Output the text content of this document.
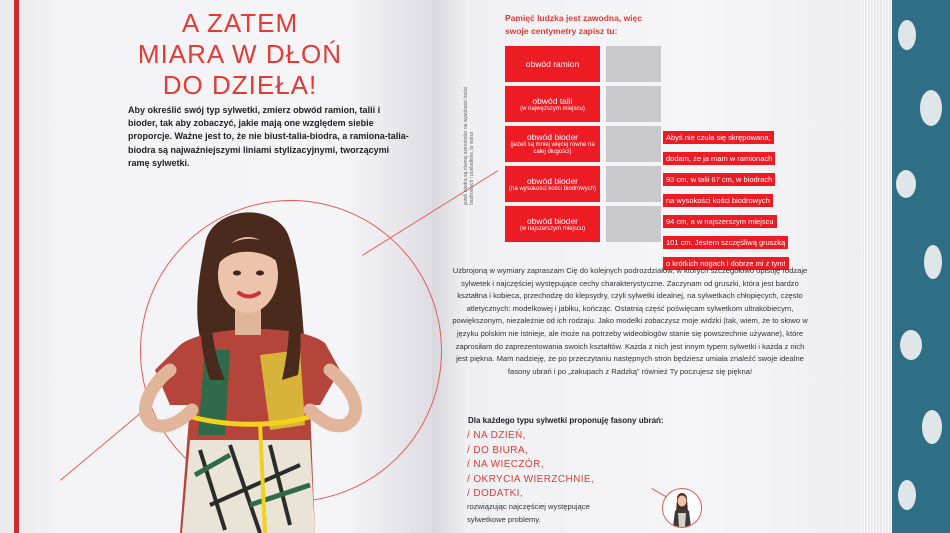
A ZATEM
MIARA W DŁOŃ
DO DZIEŁA!
Aby określić swój typ sylwetki, zmierz obwód ramion, talii i bioder, tak aby zobaczyć, jakie mają one względem siebie proporcje. Ważne jest to, że nie biust-talia-biodra, a ramiona-talia-biodra są najważniejszymi liniami stylizacyjnymi, tworzącymi ramę sylwetki.
Pamięć ludzka jest zawodna, więc swoje centymetry zapisz tu:
obwód ramion
obwód talii
(w najwęższym miejscu)
obwód bioder
(jeżeli są mniej więcej równe na całej długości)
obwód bioder
(na wysokości kości biodrowych)
obwód bioder
(w najszerszym miejscu)
jeżeli biodra są równej szerokości na wysokości kości biodrowych i pośladków, to wpisz	Abyś nie czuła się skrępowana,
dodam, że ja mam w ramionach
93 cm, w talii 67 cm, w biodrach
na wysokości kości biodrowych
94 cm, a w najszerszym miejscu
101 cm. Jestem szczęśliwą gruszką
o krótkich nogach i dobrze mi z tym!
Uzbrojoną w wymiary zapraszam Cię do kolejnych podrozdziałów, w których szczegółowo opisuję rodzaje sylwetek i najczęściej występujące cechy charakterystyczne. Zaczynam od gruszki, która jest bardzo kształtna i kobieca, przechodzę do klepsydry, czyli sylwetki idealnej, na sylwetkach chłopięcych, często atletycznych: modelkowej i jabłku, kończąc. Ostatnią część poświęcam sylwetkom ultrakobiecym, powiększonym, niezależnie od ich rodzaju. Jako modelki zobaczysz moje widzki (tak, wiem, że to słowo w języku polskim nie istnieje, ale może na potrzeby wideoblogów stanie się powszechnie używane), które zaprosiłam do zaprezentowania swoich kształtów. Każda z nich jest innym typem sylwetki i każda z nich jest piękna. Mam nadzieję, że po przeczytaniu następnych stron będziesz umiała znaleźć swoje idealne fasony ubrań i po „zakupach z Radzką” również Ty poczujesz się piękna!
Dla każdego typu sylwetki proponuję fasony ubrań:
/ NA DZIEŃ,
/ DO BIURA,
/ NA WIECZÓR,
/ OKRYCIA WIERZCHNIE,
/ DODATKI,
rozwiązując najczęściej występujące sylwetkowe problemy.
